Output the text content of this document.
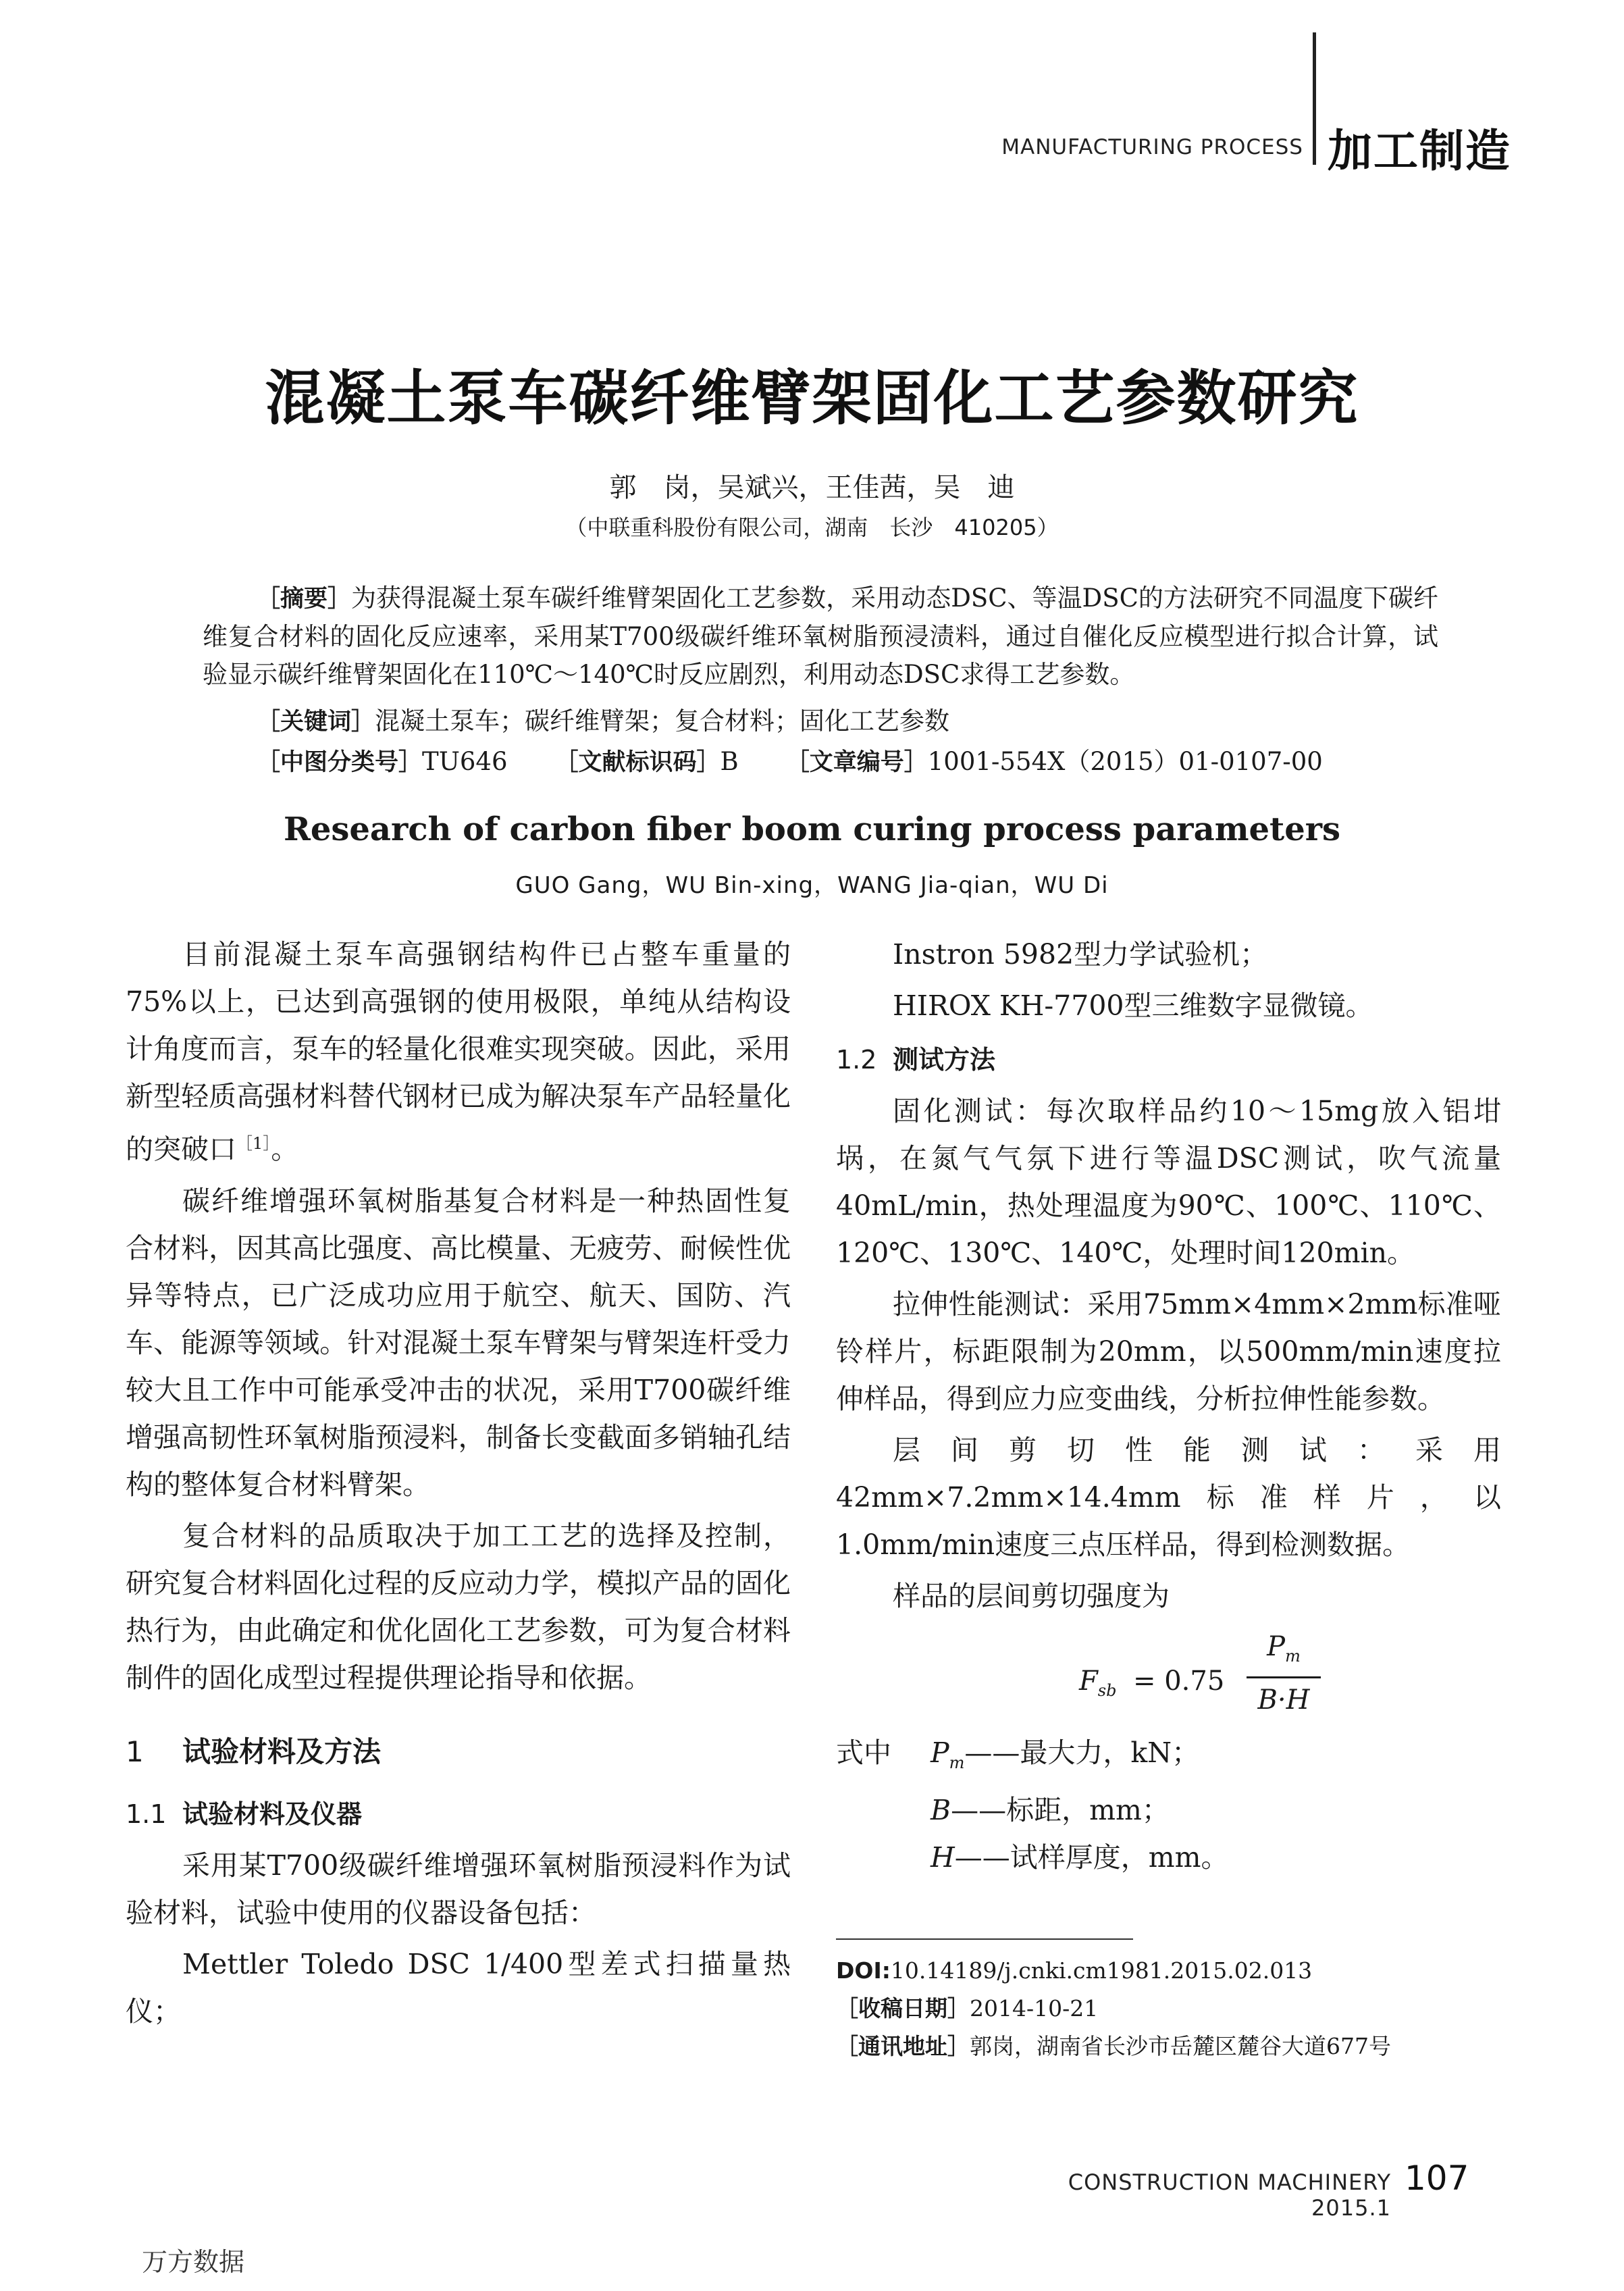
MANUFACTURING PROCESS 加工制造
混凝土泵车碳纤维臂架固化工艺参数研究
郭　岗，吴斌兴，王佳茜，吴　迪
（中联重科股份有限公司，湖南　长沙　410205）
［摘要］为获得混凝土泵车碳纤维臂架固化工艺参数，采用动态DSC、等温DSC的方法研究不同温度下碳纤维复合材料的固化反应速率，采用某T700级碳纤维环氧树脂预浸渍料，通过自催化反应模型进行拟合计算，试验显示碳纤维臂架固化在110℃～140℃时反应剧烈，利用动态DSC求得工艺参数。
［关键词］混凝土泵车；碳纤维臂架；复合材料；固化工艺参数
［中图分类号］TU646 ［文献标识码］B ［文章编号］1001-554X（2015）01-0107-00
Research of carbon fiber boom curing process parameters
GUO Gang，WU Bin-xing，WANG Jia-qian，WU Di

目前混凝土泵车高强钢结构件已占整车重量的75%以上，已达到高强钢的使用极限，单纯从结构设计角度而言，泵车的轻量化很难实现突破。因此，采用新型轻质高强材料替代钢材已成为解决泵车产品轻量化的突破口$^{[1]}$。

碳纤维增强环氧树脂基复合材料是一种热固性复合材料，因其高比强度、高比模量、无疲劳、耐候性优异等特点，已广泛成功应用于航空、航天、国防、汽车、能源等领域。针对混凝土泵车臂架与臂架连杆受力较大且工作中可能承受冲击的状况，采用T700碳纤维增强高韧性环氧树脂预浸料，制备长变截面多销轴孔结构的整体复合材料臂架。

复合材料的品质取决于加工工艺的选择及控制，研究复合材料固化过程的反应动力学，模拟产品的固化热行为，由此确定和优化固化工艺参数，可为复合材料制件的固化成型过程提供理论指导和依据。

1 试验材料及方法

1.1 试验材料及仪器

采用某T700级碳纤维增强环氧树脂预浸料作为试验材料，试验中使用的仪器设备包括：

Mettler Toledo DSC 1/400型差式扫描量热仪；

Instron 5982型力学试验机；

HIROX KH-7700型三维数字显微镜。

1.2 测试方法

固化测试：每次取样品约10～15mg放入铝坩埚，在氮气气氛下进行等温DSC测试，吹气流量40mL/min，热处理温度为90℃、100℃、110℃、120℃、130℃、140℃，处理时间120min。

拉伸性能测试：采用75mm×4mm×2mm标准哑铃样片，标距限制为20mm，以500mm/min速度拉伸样品，得到应力应变曲线，分析拉伸性能参数。

层间剪切性能测试：采用42mm×7.2mm×14.4mm标准样片，以1.0mm/min速度三点压样品，得到检测数据。

样品的层间剪切强度为

$F_{sb} = 0.75$
$P_m$
B·H
式中 $P_m——$最大力，kN；
B——标距，mm；
H——试样厚度，mm。
DOI:10.14189/j.cnki.cm1981.2015.02.013
［收稿日期］2014-10-21
［通讯地址］郭岗，湖南省长沙市岳麓区麓谷大道677号
CONSTRUCTION MACHINERY 2015.1
107
万方数据
